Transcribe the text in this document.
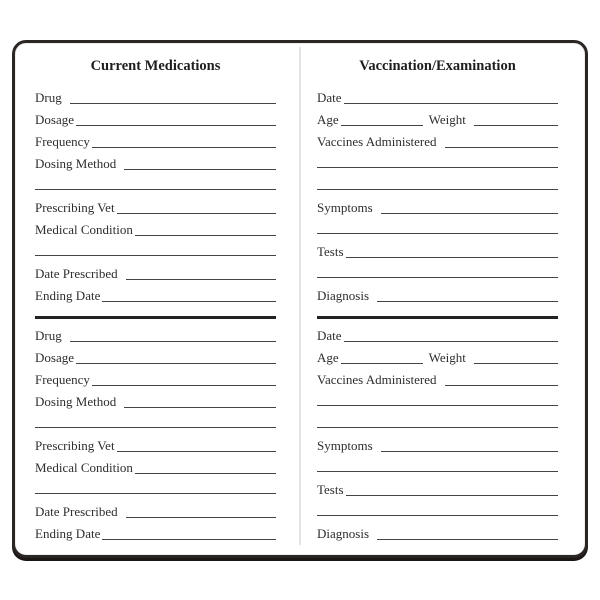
Current Medications	Vaccination/Examination
Drug
Dosage
Frequency
Dosing Method
Prescribing Vet
Medical Condition
Date Prescribed
Ending Date
Drug
Dosage
Frequency
Dosing Method
Prescribing Vet
Medical Condition
Date Prescribed
Ending Date
Date
Age	Weight
Vaccines Administered
Symptoms
Tests
Diagnosis
Date
Age	Weight
Vaccines Administered
Symptoms
Tests
Diagnosis
